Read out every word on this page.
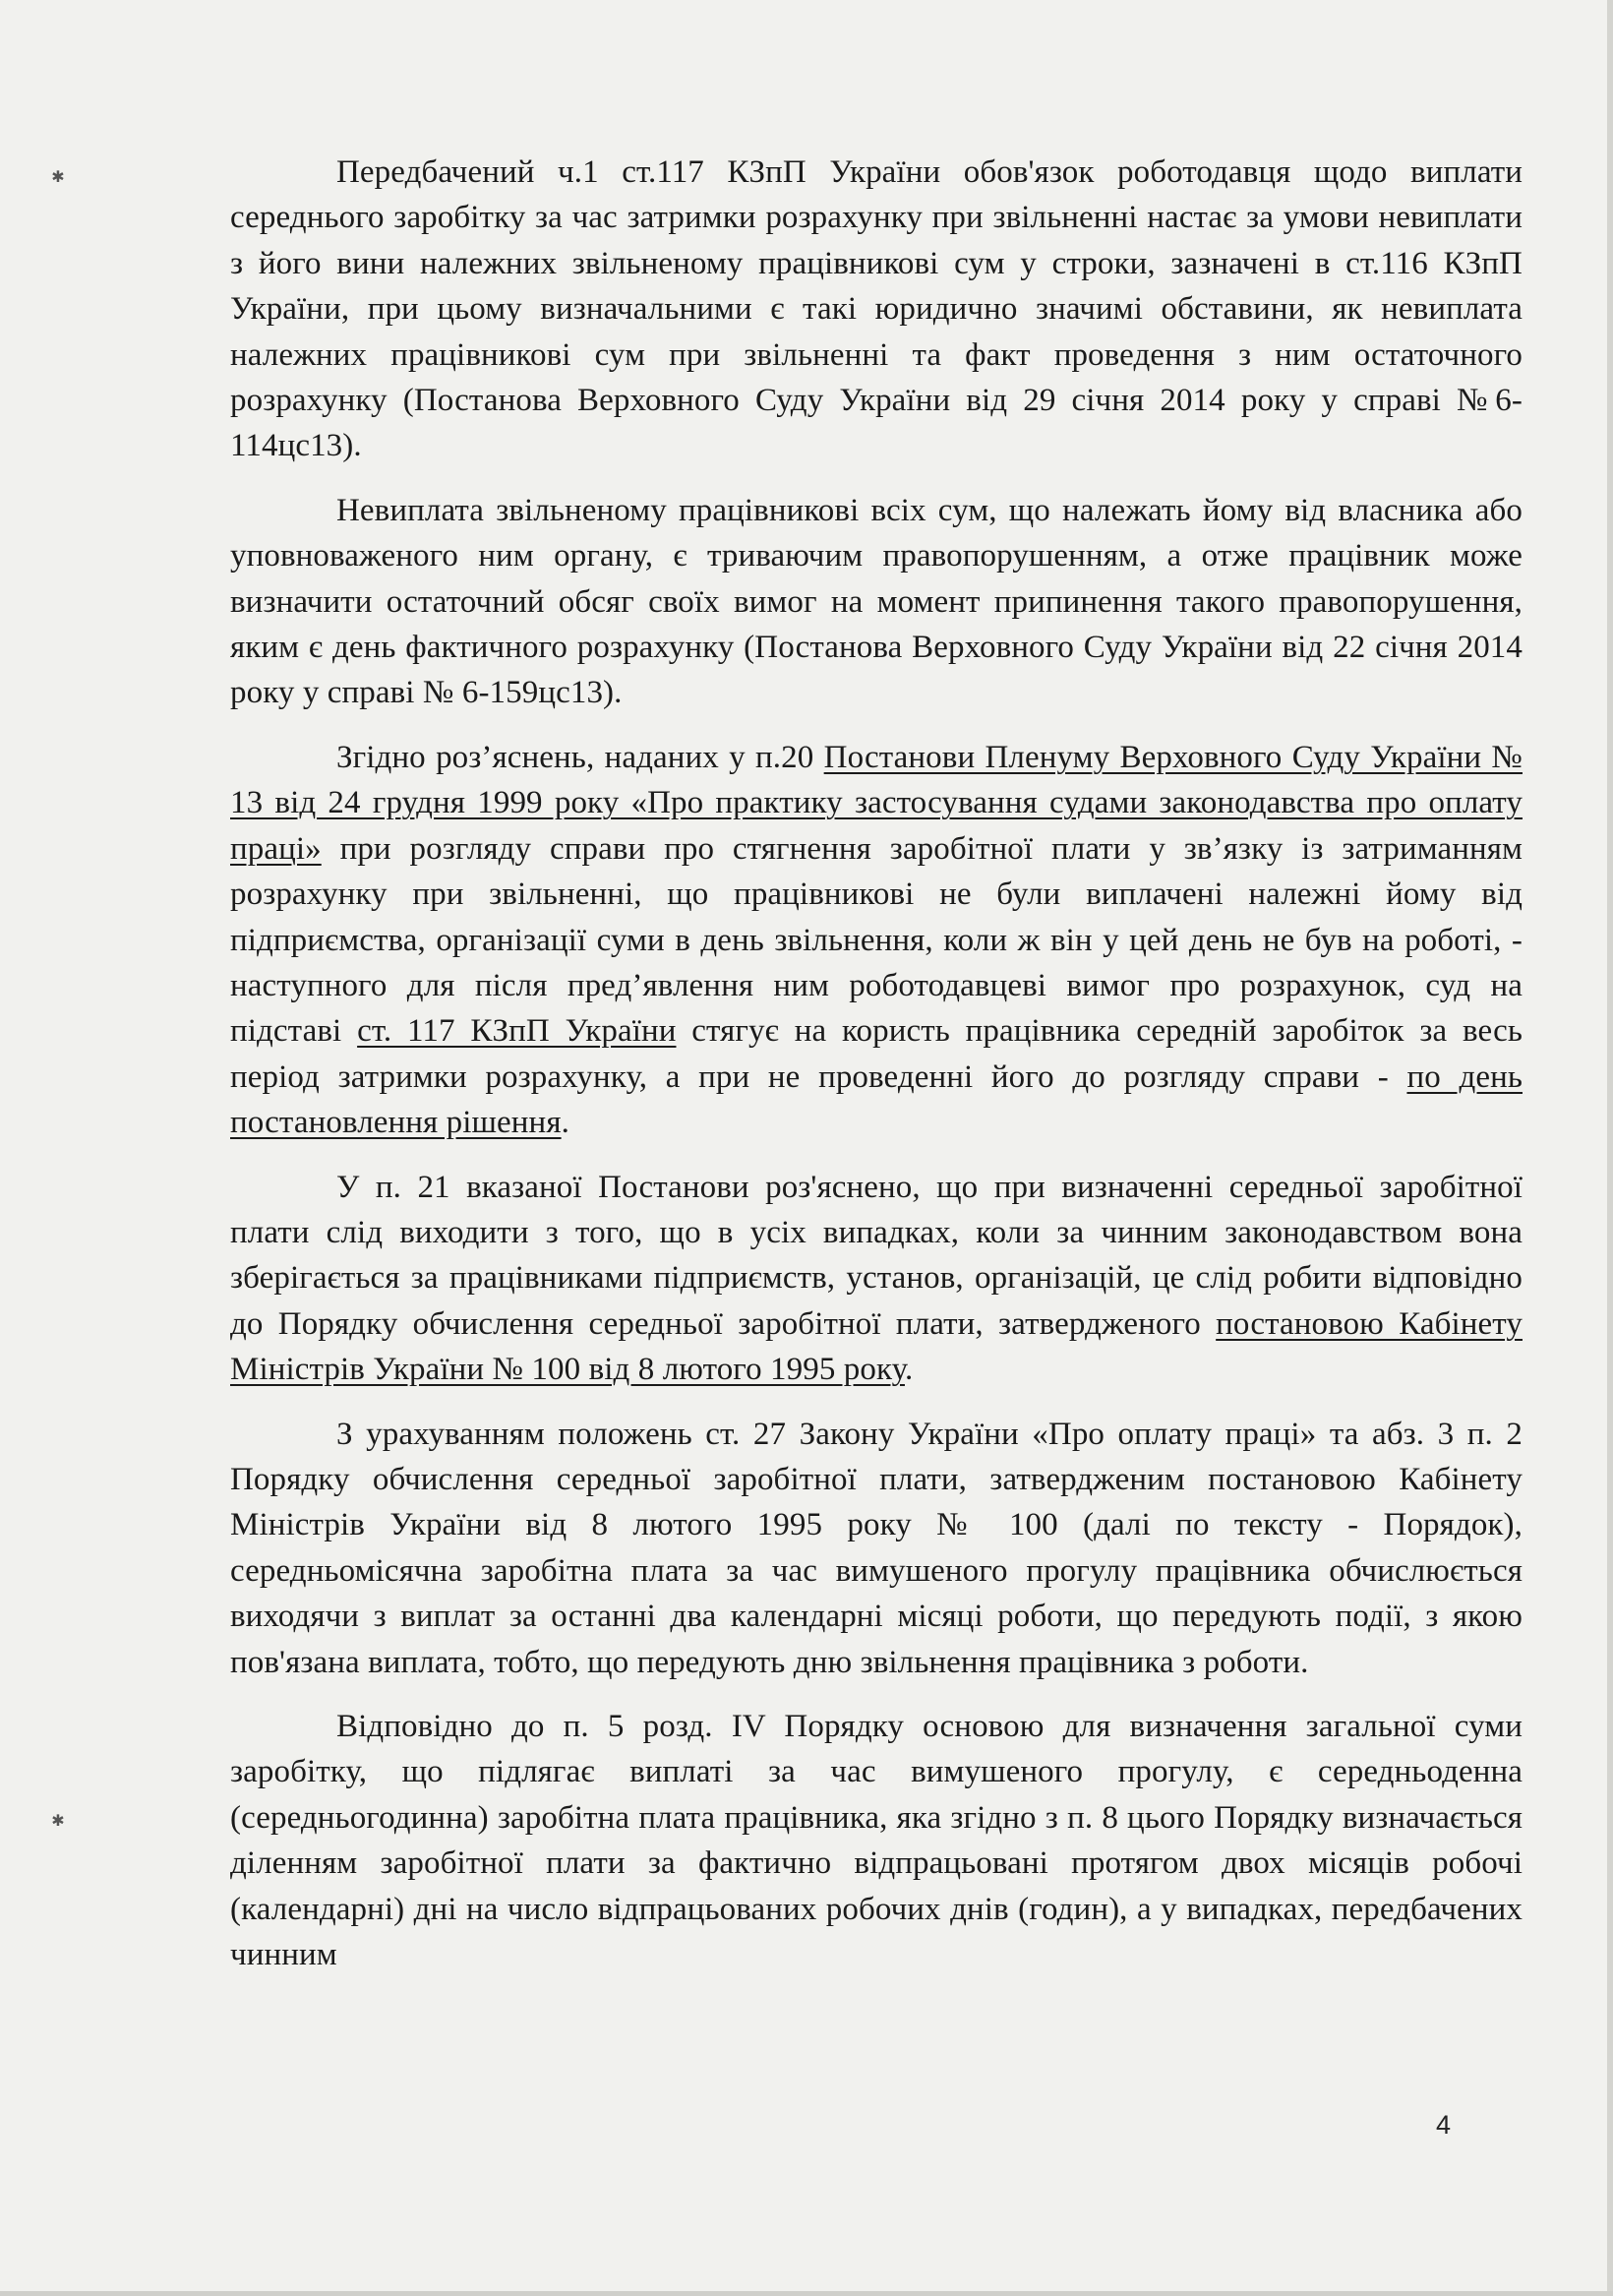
✱
✱

Передбачений ч.1 ст.117 КЗпП України обов'язок роботодавця щодо виплати середнього заробітку за час затримки розрахунку при звільненні настає за умови невиплати з його вини належних звільненому працівникові сум у строки, зазначені в ст.116 КЗпП України, при цьому визначальними є такі юридично значимі обставини, як невиплата належних працівникові сум при звільненні та факт проведення з ним остаточного розрахунку (Постанова Верховного Суду України від 29 січня 2014 року у справі №6-114цс13).

Невиплата звільненому працівникові всіх сум, що належать йому від власника або уповноваженого ним органу, є триваючим правопорушенням, а отже працівник може визначити остаточний обсяг своїх вимог на момент припинення такого правопорушення, яким є день фактичного розрахунку (Постанова Верховного Суду України від 22 січня 2014 року у справі № 6-159цс13).

Згідно роз’яснень, наданих у п.20 Постанови Пленуму Верховного Суду України № 13 від 24 грудня 1999 року «Про практику застосування судами законодавства про оплату праці» при розгляду справи про стягнення заробітної плати у зв’язку із затриманням розрахунку при звільненні, що працівникові не були виплачені належні йому від підприємства, організації суми в день звільнення, коли ж він у цей день не був на роботі, - наступного для після пред’явлення ним роботодавцеві вимог про розрахунок, суд на підставі ст. 117 КЗпП України стягує на користь працівника середній заробіток за весь період затримки розрахунку, а при не проведенні його до розгляду справи - по день постановлення рішення.

У п. 21 вказаної Постанови роз'яснено, що при визначенні середньої заробітної плати слід виходити з того, що в усіх випадках, коли за чинним законодавством вона зберігається за працівниками підприємств, установ, організацій, це слід робити відповідно до Порядку обчислення середньої заробітної плати, затвердженого постановою Кабінету Міністрів України № 100 від 8 лютого 1995 року.

З урахуванням положень ст. 27 Закону України «Про оплату праці» та абз. 3 п. 2 Порядку обчислення середньої заробітної плати, затвердженим постановою Кабінету Міністрів України від 8 лютого 1995 року № 100 (далі по тексту - Порядок), середньомісячна заробітна плата за час вимушеного прогулу працівника обчислюється виходячи з виплат за останні два календарні місяці роботи, що передують події, з якою пов'язана виплата, тобто, що передують дню звільнення працівника з роботи.

Відповідно до п. 5 розд. IV Порядку основою для визначення загальної суми заробітку, що підлягає виплаті за час вимушеного прогулу, є середньоденна (середньогодинна) заробітна плата працівника, яка згідно з п. 8 цього Порядку визначається діленням заробітної плати за фактично відпрацьовані протягом двох місяців робочі (календарні) дні на число відпрацьованих робочих днів (годин), а у випадках, передбачених чинним

4
